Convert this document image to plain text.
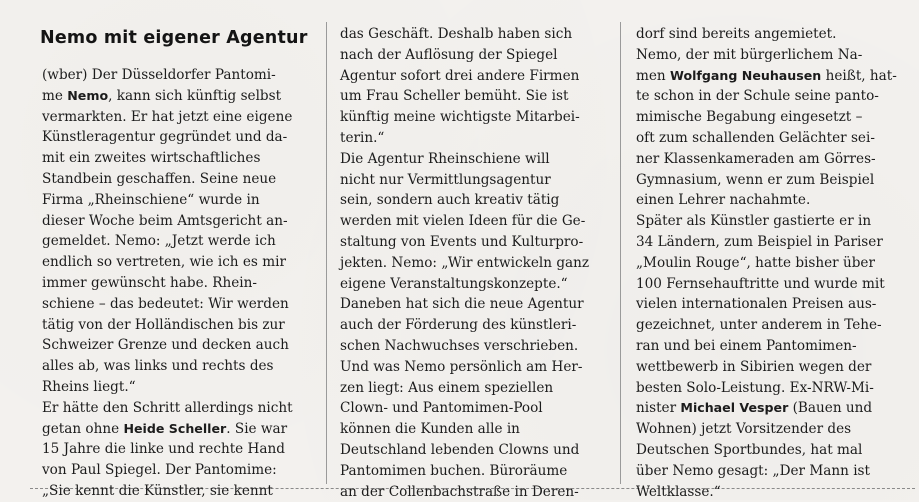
Nemo mit eigener Agentur
(wber) Der Düsseldorfer Pantomi-
me Nemo, kann sich künftig selbst
vermarkten. Er hat jetzt eine eigene
Künstleragentur gegründet und da-
mit ein zweites wirtschaftliches
Standbein geschaffen. Seine neue
Firma „Rheinschiene“ wurde in
dieser Woche beim Amtsgericht an-
gemeldet. Nemo: „Jetzt werde ich
endlich so vertreten, wie ich es mir
immer gewünscht habe. Rhein-
schiene – das bedeutet: Wir werden
tätig von der Holländischen bis zur
Schweizer Grenze und decken auch
alles ab, was links und rechts des
Rheins liegt.“
Er hätte den Schritt allerdings nicht
getan ohne Heide Scheller. Sie war
15 Jahre die linke und rechte Hand
von Paul Spiegel. Der Pantomime:
„Sie kennt die Künstler, sie kennt
das Geschäft. Deshalb haben sich
nach der Auflösung der Spiegel
Agentur sofort drei andere Firmen
um Frau Scheller bemüht. Sie ist
künftig meine wichtigste Mitarbei-
terin.“
Die Agentur Rheinschiene will
nicht nur Vermittlungsagentur
sein, sondern auch kreativ tätig
werden mit vielen Ideen für die Ge-
staltung von Events und Kulturpro-
jekten. Nemo: „Wir entwickeln ganz
eigene Veranstaltungskonzepte.“
Daneben hat sich die neue Agentur
auch der Förderung des künstleri-
schen Nachwuchses verschrieben.
Und was Nemo persönlich am Her-
zen liegt: Aus einem speziellen
Clown- und Pantomimen-Pool
können die Kunden alle in
Deutschland lebenden Clowns und
Pantomimen buchen. Büroräume
an der Collenbachstraße in Deren-
dorf sind bereits angemietet.
Nemo, der mit bürgerlichem Na-
men Wolfgang Neuhausen heißt, hat-
te schon in der Schule seine panto-
mimische Begabung eingesetzt –
oft zum schallenden Gelächter sei-
ner Klassenkameraden am Görres-
Gymnasium, wenn er zum Beispiel
einen Lehrer nachahmte.
Später als Künstler gastierte er in
34 Ländern, zum Beispiel in Pariser
„Moulin Rouge“, hatte bisher über
100 Fernsehauftritte und wurde mit
vielen internationalen Preisen aus-
gezeichnet, unter anderem in Tehe-
ran und bei einem Pantomimen-
wettbewerb in Sibirien wegen der
besten Solo-Leistung. Ex-NRW-Mi-
nister Michael Vesper (Bauen und
Wohnen) jetzt Vorsitzender des
Deutschen Sportbundes, hat mal
über Nemo gesagt: „Der Mann ist
Weltklasse.“
